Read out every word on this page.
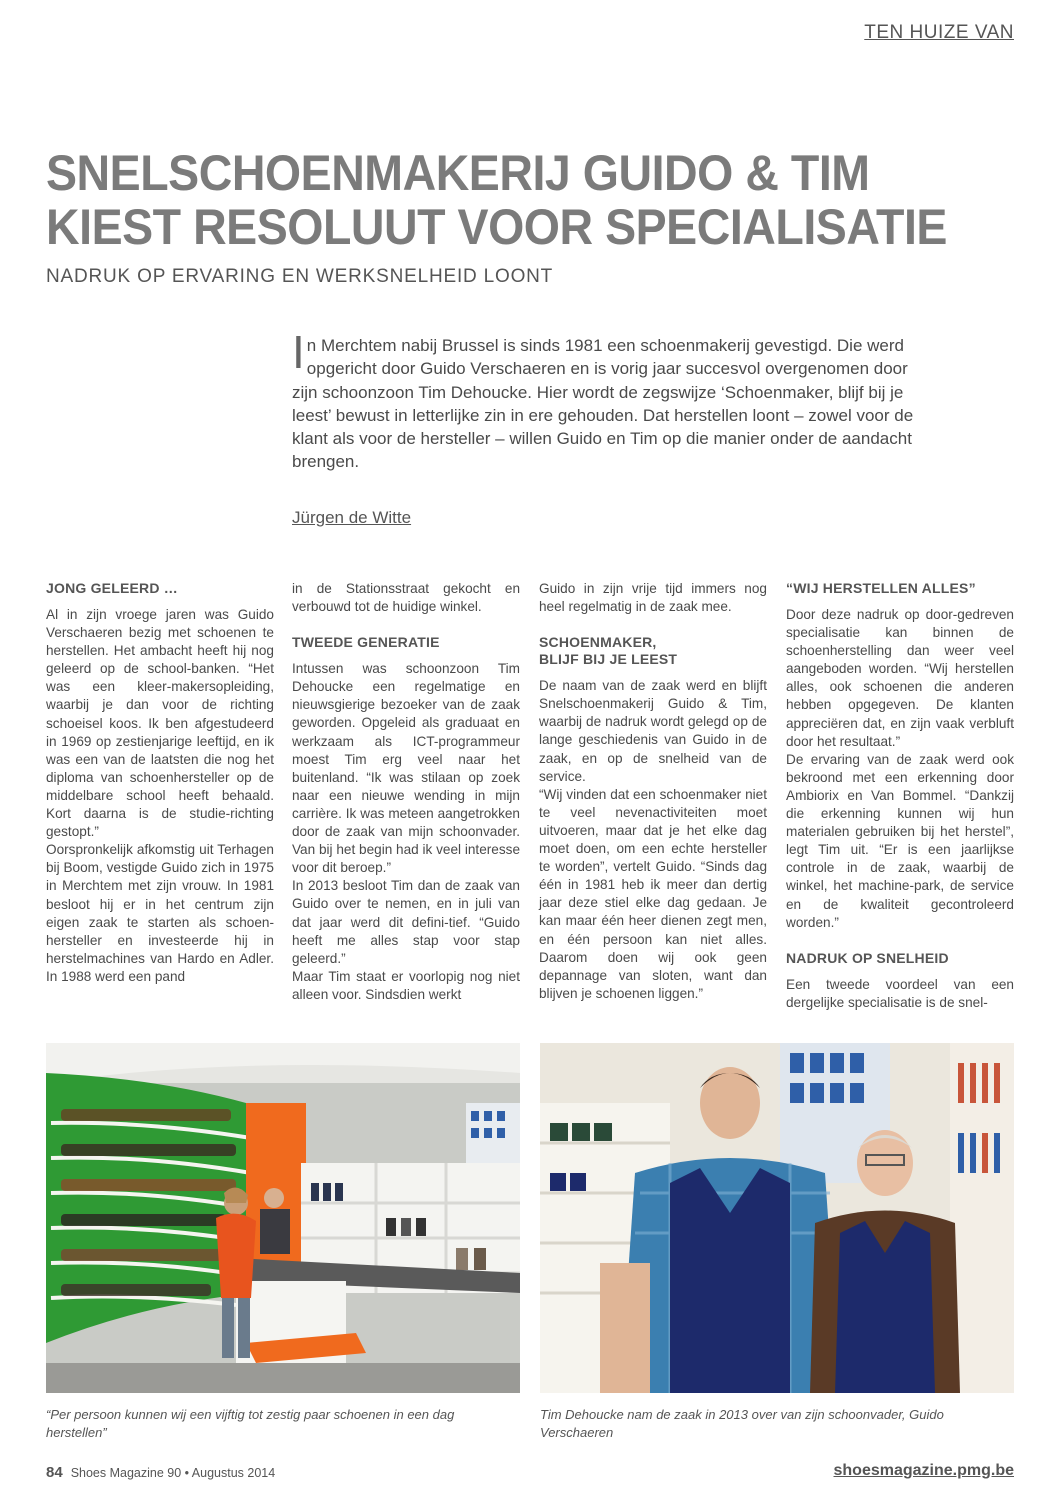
TEN HUIZE VAN
SNELSCHOENMAKERIJ GUIDO & TIM
KIEST RESOLUUT VOOR SPECIALISATIE
NADRUK OP ERVARING EN WERKSNELHEID LOONT

In Merchtem nabij Brussel is sinds 1981 een schoenmakerij gevestigd. Die werd opgericht door Guido Verschaeren en is vorig jaar succesvol overgenomen door zijn schoonzoon Tim Dehoucke. Hier wordt de zegswijze ‘Schoenmaker, blijf bij je leest’ bewust in letterlijke zin in ere gehouden. Dat herstellen loont – zowel voor de klant als voor de hersteller – willen Guido en Tim op die manier onder de aandacht brengen.

Jürgen de Witte
JONG GELEERD …

Al in zijn vroege jaren was Guido Verschaeren bezig met schoenen te herstellen. Het ambacht heeft hij nog geleerd op de school-banken. “Het was een kleer-makersopleiding, waarbij je dan voor de richting schoeisel koos. Ik ben afgestudeerd in 1969 op zestienjarige leeftijd, en ik was een van de laatsten die nog het diploma van schoenhersteller op de middelbare school heeft behaald. Kort daarna is de studie-richting gestopt.”

Oorspronkelijk afkomstig uit Terhagen bij Boom, vestigde Guido zich in 1975 in Merchtem met zijn vrouw. In 1981 besloot hij er in het centrum zijn eigen zaak te starten als schoen-hersteller en investeerde hij in herstelmachines van Hardo en Adler. In 1988 werd een pand

in de Stationsstraat gekocht en verbouwd tot de huidige winkel.

TWEEDE GENERATIE

Intussen was schoonzoon Tim Dehoucke een regelmatige en nieuwsgierige bezoeker van de zaak geworden. Opgeleid als graduaat en werkzaam als ICT-programmeur moest Tim erg veel naar het buitenland. “Ik was stilaan op zoek naar een nieuwe wending in mijn carrière. Ik was meteen aangetrokken door de zaak van mijn schoonvader. Van bij het begin had ik veel interesse voor dit beroep.”

In 2013 besloot Tim dan de zaak van Guido over te nemen, en in juli van dat jaar werd dit defini-tief. “Guido heeft me alles stap voor stap geleerd.”

Maar Tim staat er voorlopig nog niet alleen voor. Sindsdien werkt

Guido in zijn vrije tijd immers nog heel regelmatig in de zaak mee.

SCHOENMAKER,
BLIJF BIJ JE LEEST

De naam van de zaak werd en blijft Snelschoenmakerij Guido & Tim, waarbij de nadruk wordt gelegd op de lange geschiedenis van Guido in de zaak, en op de snelheid van de service.

“Wij vinden dat een schoenmaker niet te veel nevenactiviteiten moet uitvoeren, maar dat je het elke dag moet doen, om een echte hersteller te worden”, vertelt Guido. “Sinds dag één in 1981 heb ik meer dan dertig jaar deze stiel elke dag gedaan. Je kan maar één heer dienen zegt men, en één persoon kan niet alles. Daarom doen wij ook geen depannage van sloten, want dan blijven je schoenen liggen.”

“WIJ HERSTELLEN ALLES”

Door deze nadruk op door-gedreven specialisatie kan binnen de schoenherstelling dan weer veel aangeboden worden. “Wij herstellen alles, ook schoenen die anderen hebben opgegeven. De klanten appreciëren dat, en zijn vaak verbluft door het resultaat.”

De ervaring van de zaak werd ook bekroond met een erkenning door Ambiorix en Van Bommel. “Dankzij die erkenning kunnen wij hun materialen gebruiken bij het herstel”, legt Tim uit. “Er is een jaarlijkse controle in de zaak, waarbij de winkel, het machine-park, de service en de kwaliteit gecontroleerd worden.”

NADRUK OP SNELHEID

Een tweede voordeel van een dergelijke specialisatie is de snel-

“Per persoon kunnen wij een vijftig tot zestig paar schoenen in een dag herstellen”
Tim Dehoucke nam de zaak in 2013 over van zijn schoonvader, Guido Verschaeren
84 Shoes Magazine 90 • Augustus 2014	shoesmagazine.pmg.be
